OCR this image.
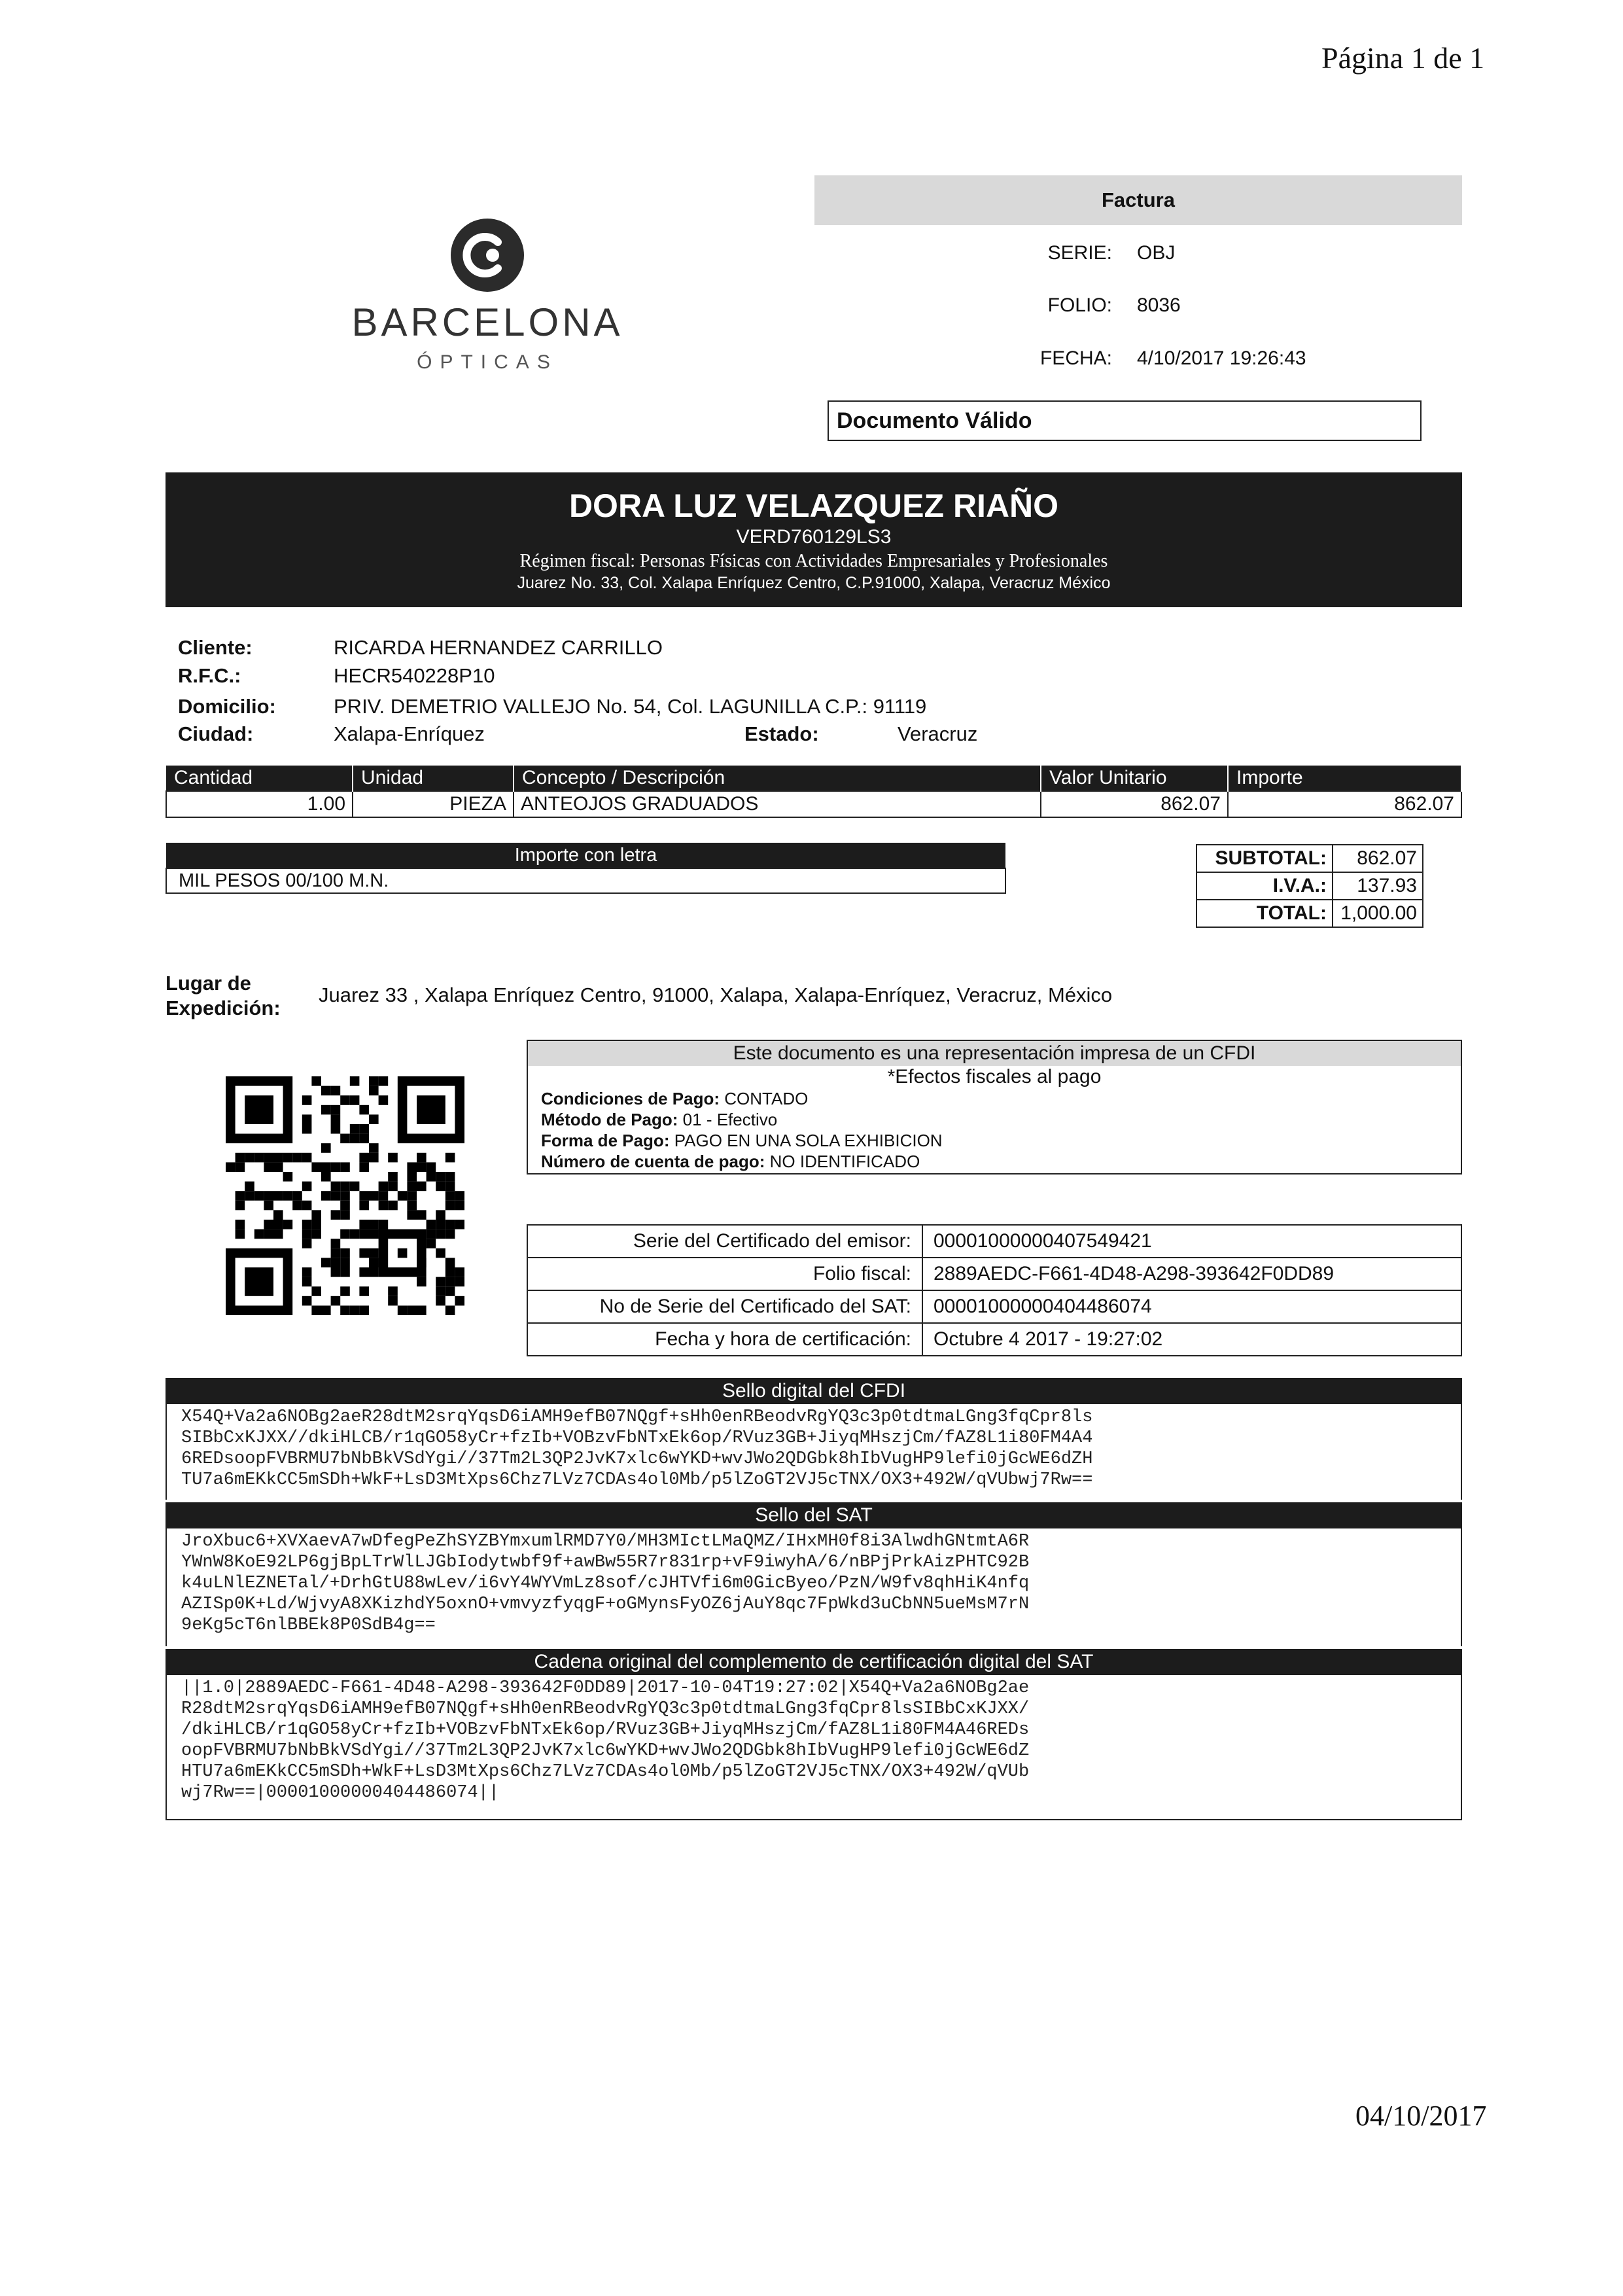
Página 1 de 1
04/10/2017
BARCELONA
ÓPTICAS
Factura
SERIE: OBJ
FOLIO: 8036
FECHA: 4/10/2017 19:26:43
Documento Válido
DORA LUZ VELAZQUEZ RIAÑO
VERD760129LS3
Régimen fiscal: Personas Físicas con Actividades Empresariales y Profesionales
Juarez No. 33, Col. Xalapa Enríquez Centro, C.P.91000, Xalapa, Veracruz México
Cliente:	RICARDA HERNANDEZ CARRILLO
R.F.C.:	HECR540228P10
Domicilio:	PRIV. DEMETRIO VALLEJO No. 54, Col. LAGUNILLA C.P.: 91119
Ciudad:	Xalapa-Enríquez	Estado:	Veracruz
Cantidad	Unidad	Concepto / Descripción	Valor Unitario	Importe
1.00	PIEZA	ANTEOJOS GRADUADOS	862.07	862.07
Importe con letra
MIL PESOS 00/100 M.N.
SUBTOTAL:	862.07
I.V.A.:	137.93
TOTAL:	1,000.00
Lugar de
Expedición:
Juarez 33 , Xalapa Enríquez Centro, 91000, Xalapa, Xalapa-Enríquez, Veracruz, México
Este documento es una representación impresa de un CFDI
*Efectos fiscales al pago
Condiciones de Pago: CONTADO
Método de Pago: 01 - Efectivo
Forma de Pago: PAGO EN UNA SOLA EXHIBICION
Número de cuenta de pago: NO IDENTIFICADO
Serie del Certificado del emisor:	00001000000407549421
Folio fiscal:	2889AEDC-F661-4D48-A298-393642F0DD89
No de Serie del Certificado del SAT:	00001000000404486074
Fecha y hora de certificación:	Octubre 4 2017 - 19:27:02
Sello digital del CFDI
X54Q+Va2a6NOBg2aeR28dtM2srqYqsD6iAMH9efB07NQgf+sHh0enRBeodvRgYQ3c3p0tdtmaLGng3fqCpr8ls
SIBbCxKJXX//dkiHLCB/r1qGO58yCr+fzIb+VOBzvFbNTxEk6op/RVuz3GB+JiyqMHszjCm/fAZ8L1i80FM4A4
6REDsoopFVBRMU7bNbBkVSdYgi//37Tm2L3QP2JvK7xlc6wYKD+wvJWo2QDGbk8hIbVugHP9lefi0jGcWE6dZH
TU7a6mEKkCC5mSDh+WkF+LsD3MtXps6Chz7LVz7CDAs4ol0Mb/p5lZoGT2VJ5cTNX/OX3+492W/qVUbwj7Rw==
Sello del SAT
JroXbuc6+XVXaevA7wDfegPeZhSYZBYmxumlRMD7Y0/MH3MIctLMaQMZ/IHxMH0f8i3AlwdhGNtmtA6R
YWnW8KoE92LP6gjBpLTrWlLJGbIodytwbf9f+awBw55R7r831rp+vF9iwyhA/6/nBPjPrkAizPHTC92B
k4uLNlEZNETal/+DrhGtU88wLev/i6vY4WYVmLz8sof/cJHTVfi6m0GicByeo/PzN/W9fv8qhHiK4nfq
AZISp0K+Ld/WjvyA8XKizhdY5oxnO+vmvyzfyqgF+oGMynsFyOZ6jAuY8qc7FpWkd3uCbNN5ueMsM7rN
9eKg5cT6nlBBEk8P0SdB4g==
Cadena original del complemento de certificación digital del SAT
||1.0|2889AEDC-F661-4D48-A298-393642F0DD89|2017-10-04T19:27:02|X54Q+Va2a6NOBg2ae
R28dtM2srqYqsD6iAMH9efB07NQgf+sHh0enRBeodvRgYQ3c3p0tdtmaLGng3fqCpr8lsSIBbCxKJXX/
/dkiHLCB/r1qGO58yCr+fzIb+VOBzvFbNTxEk6op/RVuz3GB+JiyqMHszjCm/fAZ8L1i80FM4A46REDs
oopFVBRMU7bNbBkVSdYgi//37Tm2L3QP2JvK7xlc6wYKD+wvJWo2QDGbk8hIbVugHP9lefi0jGcWE6dZ
HTU7a6mEKkCC5mSDh+WkF+LsD3MtXps6Chz7LVz7CDAs4ol0Mb/p5lZoGT2VJ5cTNX/OX3+492W/qVUb
wj7Rw==|00001000000404486074||
